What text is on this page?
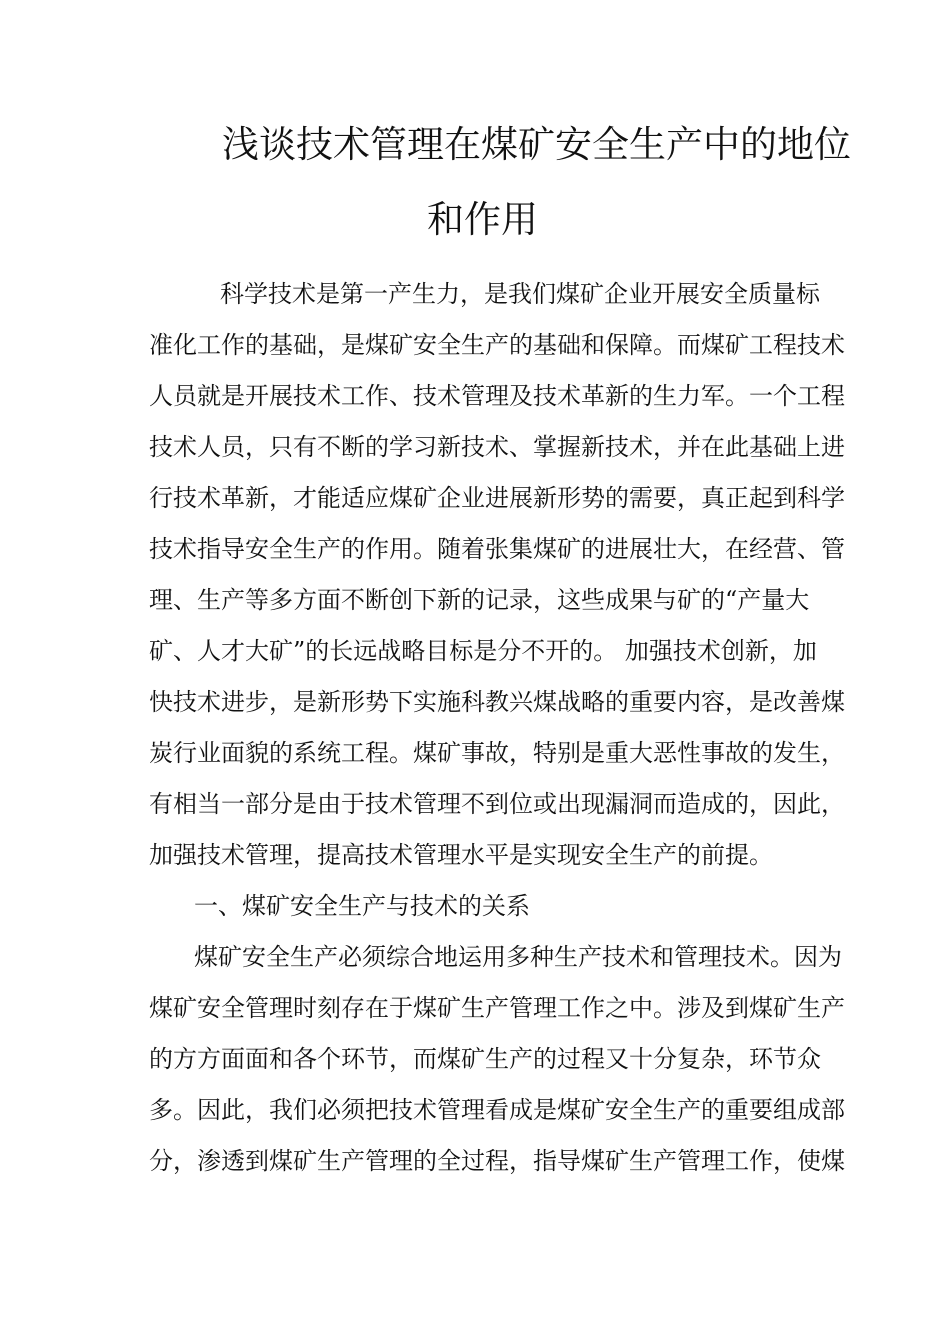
浅谈技术管理在煤矿安全生产中的地位
和作用
科学技术是第一产生力，是我们煤矿企业开展安全质量标
准化工作的基础，是煤矿安全生产的基础和保障。而煤矿工程技术
人员就是开展技术工作、技术管理及技术革新的生力军。一个工程
技术人员，只有不断的学习新技术、掌握新技术，并在此基础上进
行技术革新，才能适应煤矿企业进展新形势的需要，真正起到科学
技术指导安全生产的作用。随着张集煤矿的进展壮大，在经营、管
理、生产等多方面不断创下新的记录，这些成果与矿的“产量大
矿、人才大矿”的长远战略目标是分不开的。 加强技术创新，加
快技术进步，是新形势下实施科教兴煤战略的重要内容，是改善煤
炭行业面貌的系统工程。煤矿事故，特别是重大恶性事故的发生，
有相当一部分是由于技术管理不到位或出现漏洞而造成的，因此，
加强技术管理，提高技术管理水平是实现安全生产的前提。
一、煤矿安全生产与技术的关系
煤矿安全生产必须综合地运用多种生产技术和管理技术。因为
煤矿安全管理时刻存在于煤矿生产管理工作之中。涉及到煤矿生产
的方方面面和各个环节，而煤矿生产的过程又十分复杂，环节众
多。因此，我们必须把技术管理看成是煤矿安全生产的重要组成部
分，渗透到煤矿生产管理的全过程，指导煤矿生产管理工作，使煤
